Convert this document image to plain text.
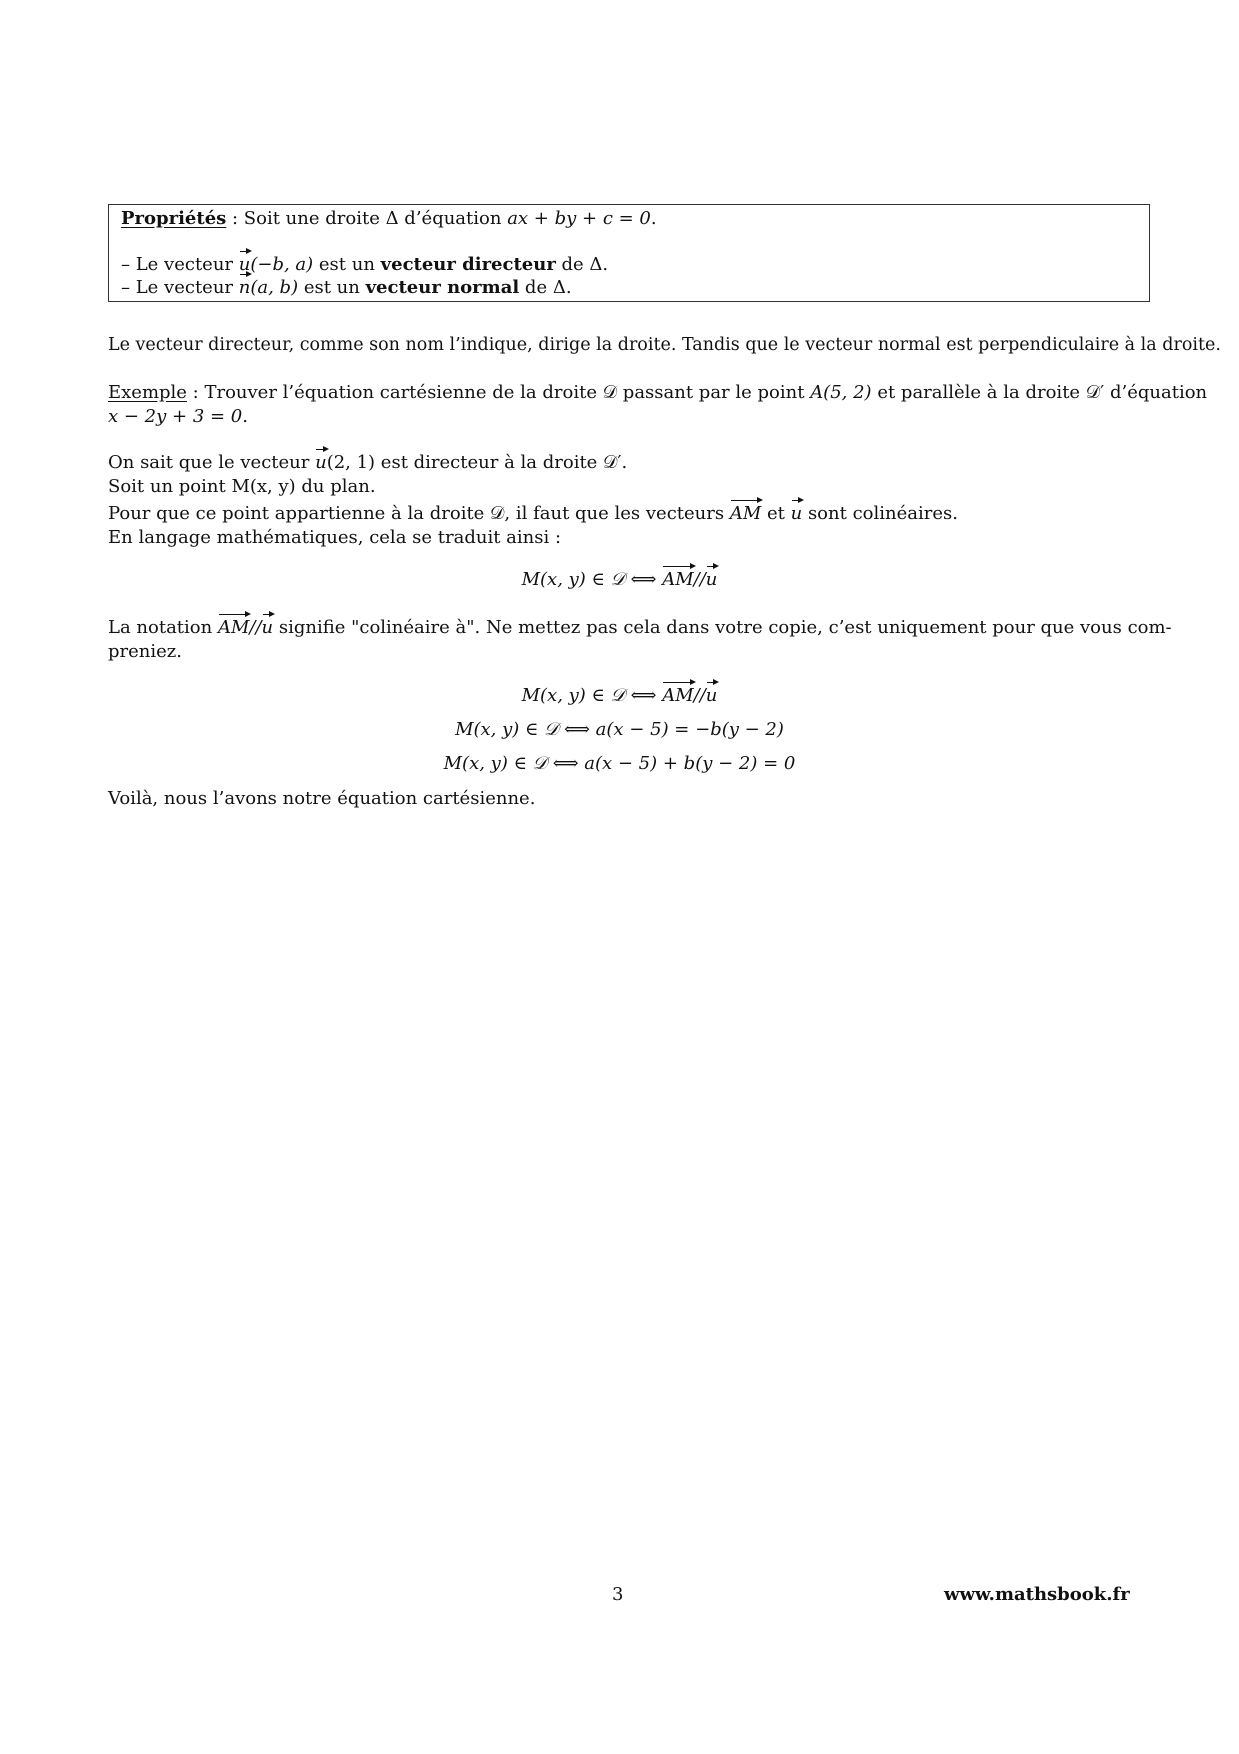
Propriétés : Soit une droite Δ d’équation ax + by + c = 0.
– Le vecteur u(−b, a) est un vecteur directeur de Δ.
– Le vecteur n(a, b) est un vecteur normal de Δ.
Le vecteur directeur, comme son nom l’indique, dirige la droite. Tandis que le vecteur normal est perpendiculaire à la droite.
Exemple : Trouver l’équation cartésienne de la droite 𝒟 passant par le point A(5, 2) et parallèle à la droite 𝒟′ d’équation
x − 2y + 3 = 0.
On sait que le vecteur u(2, 1) est directeur à la droite 𝒟′.
Soit un point M(x, y) du plan.
Pour que ce point appartienne à la droite 𝒟, il faut que les vecteurs AM et u sont colinéaires.
En langage mathématiques, cela se traduit ainsi :
M(x, y) ∈ 𝒟 ⟺ AM//u
La notation AM//u signifie "colinéaire à". Ne mettez pas cela dans votre copie, c’est uniquement pour que vous com-
preniez.
M(x, y) ∈ 𝒟 ⟺ AM//u
M(x, y) ∈ 𝒟 ⟺ a(x − 5) = −b(y − 2)
M(x, y) ∈ 𝒟 ⟺ a(x − 5) + b(y − 2) = 0
Voilà, nous l’avons notre équation cartésienne.
3	www.mathsbook.fr
